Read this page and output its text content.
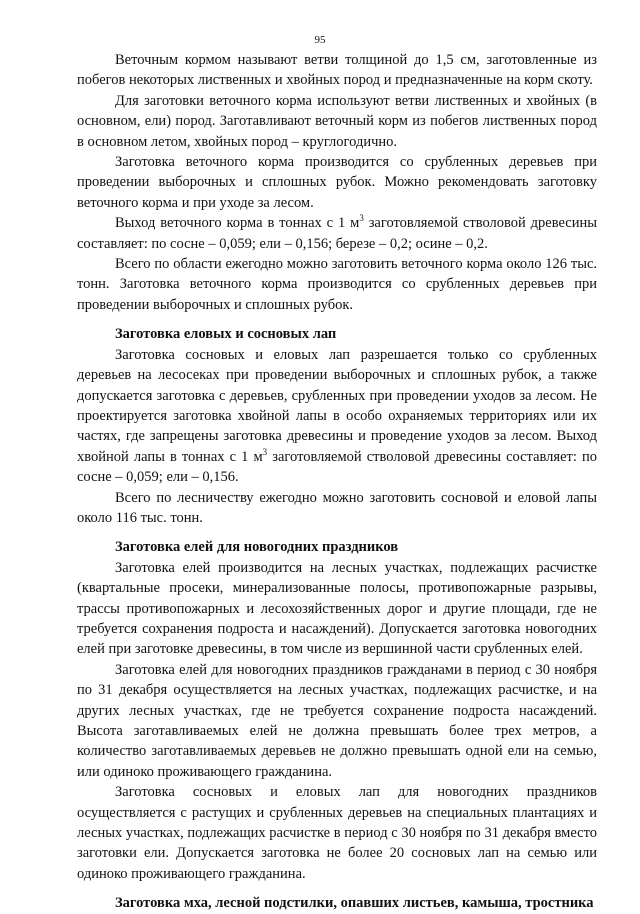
95

Веточным кормом называют ветви толщиной до 1,5 см, заготовленные из побегов некоторых лиственных и хвойных пород и предназначенные на корм скоту.

Для заготовки веточного корма используют ветви лиственных и хвойных (в основном, ели) пород. Заготавливают веточный корм из побегов лиственных пород в основном летом, хвойных пород – круглогодично.

Заготовка веточного корма производится со срубленных деревьев при проведении выборочных и сплошных рубок. Можно рекомендовать заготовку веточного корма и при уходе за лесом.

Выход веточного корма в тоннах с 1 $м^3$ заготовляемой стволовой древесины составляет: по сосне – 0,059; ели – 0,156; березе – 0,2; осине – 0,2.

Всего по области ежегодно можно заготовить веточного корма около 126 тыс. тонн. Заготовка веточного корма производится со срубленных деревьев при проведении выборочных и сплошных рубок.

Заготовка еловых и сосновых лап

Заготовка сосновых и еловых лап разрешается только со срубленных деревьев на лесосеках при проведении выборочных и сплошных рубок, а также допускается заготовка с деревьев, срубленных при проведении уходов за лесом. Не проектируется заготовка хвойной лапы в особо охраняемых территориях или их частях, где запрещены заготовка древесины и проведение уходов за лесом. Выход хвойной лапы в тоннах с 1 $м^3$ заготовляемой стволовой древесины составляет: по сосне – 0,059; ели – 0,156.

Всего по лесничеству ежегодно можно заготовить сосновой и еловой лапы около 116 тыс. тонн.

Заготовка елей для новогодних праздников

Заготовка елей производится на лесных участках, подлежащих расчистке (квартальные просеки, минерализованные полосы, противопожарные разрывы, трассы противопожарных и лесохозяйственных дорог и другие площади, где не требуется сохранения подроста и насаждений). Допускается заготовка новогодних елей при заготовке древесины, в том числе из вершинной части срубленных елей.

Заготовка елей для новогодних праздников гражданами в период с 30 ноября по 31 декабря осуществляется на лесных участках, подлежащих расчистке, и на других лесных участках, где не требуется сохранение подроста насаждений. Высота заготавливаемых елей не должна превышать более трех метров, а количество заготавливаемых деревьев не должно превышать одной ели на семью, или одиноко проживающего гражданина.

Заготовка сосновых и еловых лап для новогодних праздников осуществляется с растущих и срубленных деревьев на специальных плантациях и лесных участках, подлежащих расчистке в период с 30 ноября по 31 декабря вместо заготовки ели. Допускается заготовка не более 20 сосновых лап на семью или одиноко проживающего гражданина.

Заготовка мха, лесной подстилки, опавших листьев, камыша, тростника
